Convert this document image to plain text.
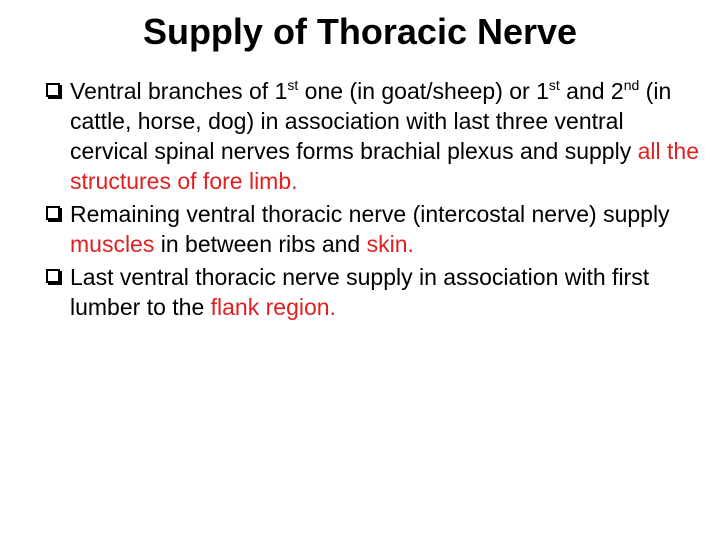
Supply of Thoracic Nerve
Ventral branches of 1st one (in goat/sheep) or 1st and 2nd (in cattle, horse, dog) in association with last three ventral cervical spinal nerves forms brachial plexus and supply all the structures of fore limb.
Remaining ventral thoracic nerve (intercostal nerve) supply muscles in between ribs and skin.
Last ventral thoracic nerve supply in association with first lumber to the flank region.
